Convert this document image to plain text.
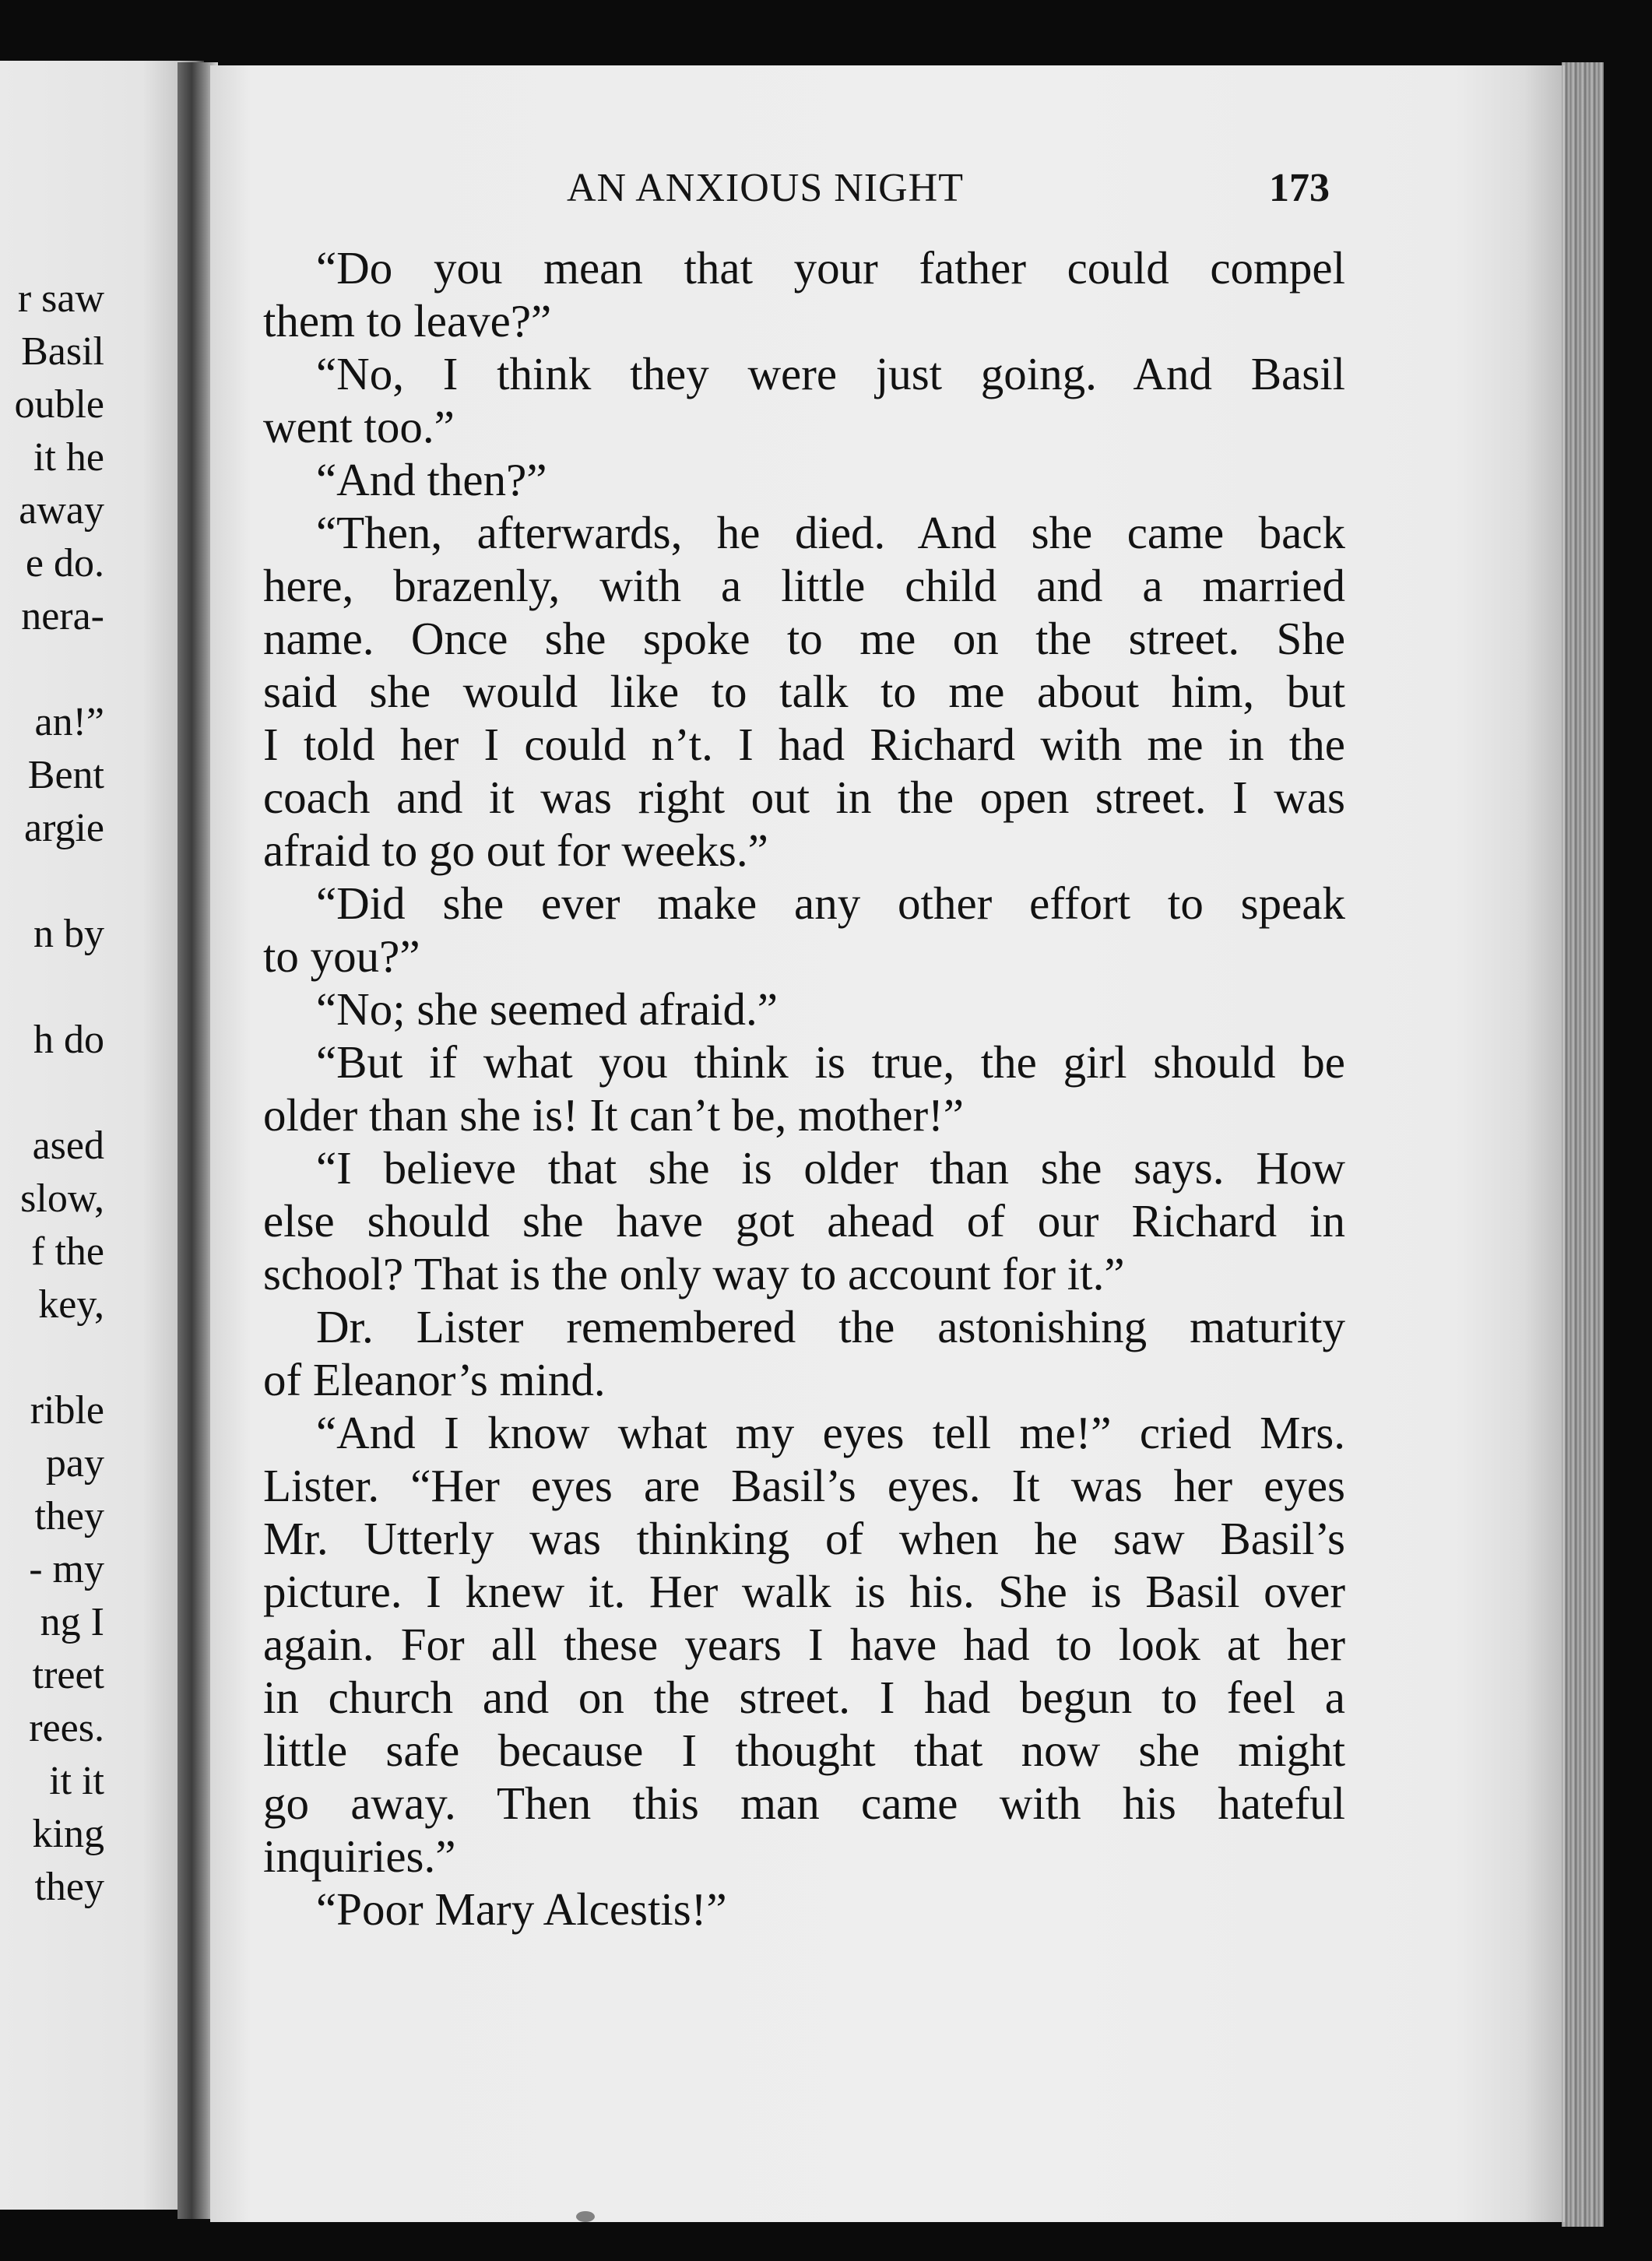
r saw
Basil
ouble
it he
away
e do.
nera-
an!”
Bent
argie
n by
h do
ased
slow,
f the
key,
rible
pay
they
- my
ng I
treet
rees.
it it
king
they
AN ANXIOUS NIGHT	173
“Do you mean that your father could compel
them to leave?”
“No, I think they were just going. And Basil
went too.”
“And then?”
“Then, afterwards, he died. And she came back
here, brazenly, with a little child and a married
name. Once she spoke to me on the street. She
said she would like to talk to me about him, but
I told her I could n’t. I had Richard with me in the
coach and it was right out in the open street. I was
afraid to go out for weeks.”
“Did she ever make any other effort to speak
to you?”
“No; she seemed afraid.”
“But if what you think is true, the girl should be
older than she is! It can’t be, mother!”
“I believe that she is older than she says. How
else should she have got ahead of our Richard in
school? That is the only way to account for it.”
Dr. Lister remembered the astonishing maturity
of Eleanor’s mind.
“And I know what my eyes tell me!” cried Mrs.
Lister. “Her eyes are Basil’s eyes. It was her eyes
Mr. Utterly was thinking of when he saw Basil’s
picture. I knew it. Her walk is his. She is Basil over
again. For all these years I have had to look at her
in church and on the street. I had begun to feel a
little safe because I thought that now she might
go away. Then this man came with his hateful
inquiries.”
“Poor Mary Alcestis!”
